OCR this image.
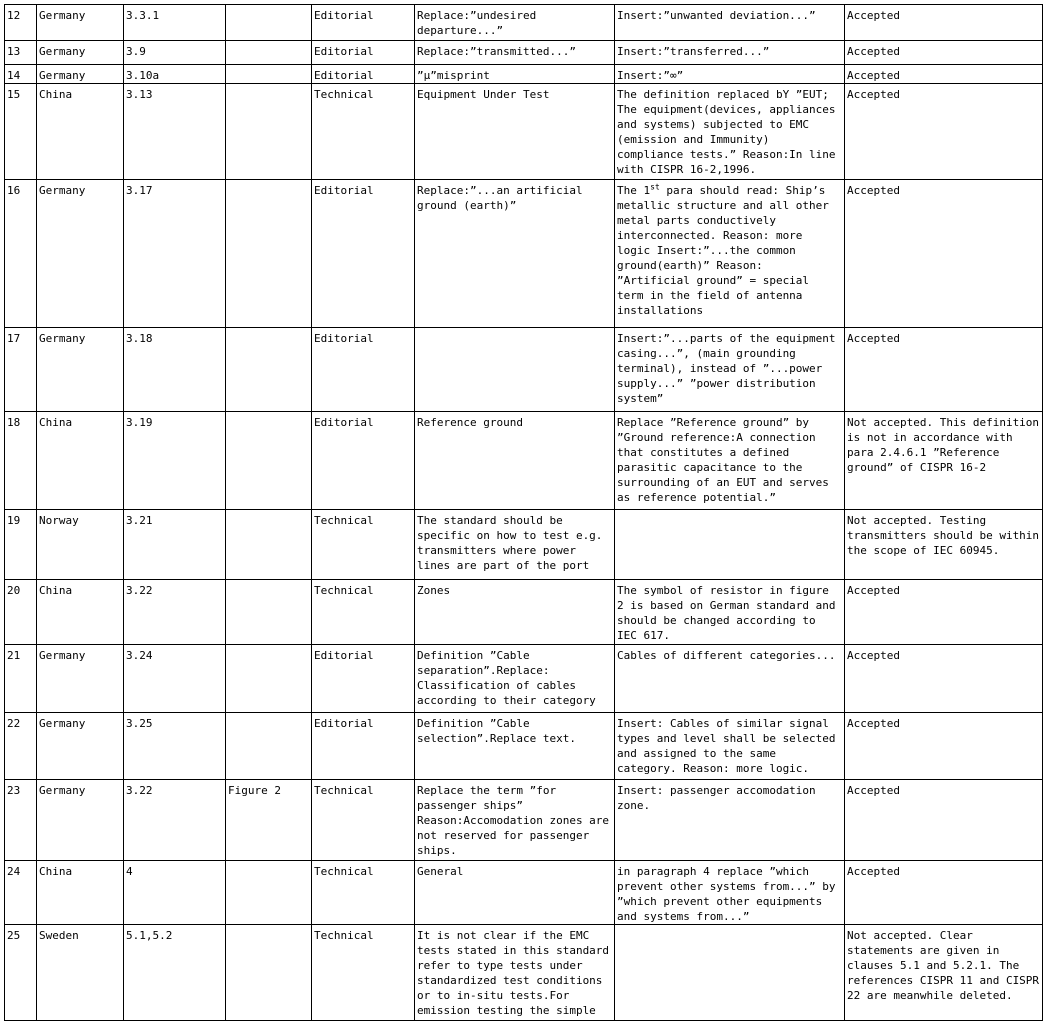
12	Germany	3.3.1		Editorial	Replace:”undesired departure...”	Insert:”unwanted deviation...”	Accepted
13	Germany	3.9		Editorial	Replace:”transmitted...”	Insert:”transferred...”	Accepted
14	Germany	3.10a		Editorial	”μ”misprint	Insert:”∞”	Accepted
15	China	3.13		Technical	Equipment Under Test	The definition replaced bY ”EUT; The equipment(devices, appliances and systems) subjected to EMC (emission and Immunity) compliance tests.” Reason:In line with CISPR 16-2,1996.	Accepted
16	Germany	3.17		Editorial	Replace:”...an artificial ground (earth)”	The 1st para should read: Ship’s metallic structure and all other metal parts conductively interconnected. Reason: more logic Insert:”...the common ground(earth)” Reason: ”Artificial ground” = special term in the field of antenna installations	Accepted
17	Germany	3.18		Editorial		Insert:”...parts of the equipment casing...”, (main grounding terminal), instead of ”...power supply...” ”power distribution system”	Accepted
18	China	3.19		Editorial	Reference ground	Replace ”Reference ground” by ”Ground reference:A connection that constitutes a defined parasitic capacitance to the surrounding of an EUT and serves as reference potential.”	Not accepted. This definition is not in accordance with para 2.4.6.1 ”Reference ground” of CISPR 16-2
19	Norway	3.21		Technical	The standard should be specific on how to test e.g. transmitters where power lines are part of the port		Not accepted. Testing transmitters should be within the scope of IEC 60945.
20	China	3.22		Technical	Zones	The symbol of resistor in figure 2 is based on German standard and should be changed according to IEC 617.	Accepted
21	Germany	3.24		Editorial	Definition ”Cable separation”.Replace: Classification of cables according to their category	Cables of different categories...	Accepted
22	Germany	3.25		Editorial	Definition ”Cable selection”.Replace text.	Insert: Cables of similar signal types and level shall be selected and assigned to the same category. Reason: more logic.	Accepted
23	Germany	3.22	Figure 2	Technical	Replace the term ”for passenger ships” Reason:Accomodation zones are not reserved for passenger ships.	Insert: passenger accomodation zone.	Accepted
24	China	4		Technical	General	in paragraph 4 replace ”which prevent other systems from...” by ”which prevent other equipments and systems from...”	Accepted
25	Sweden	5.1,5.2		Technical	It is not clear if the EMC tests stated in this standard refer to type tests under standardized test conditions or to in-situ tests.For emission testing the simple		Not accepted. Clear statements are given in clauses 5.1 and 5.2.1. The references CISPR 11 and CISPR 22 are meanwhile deleted.
